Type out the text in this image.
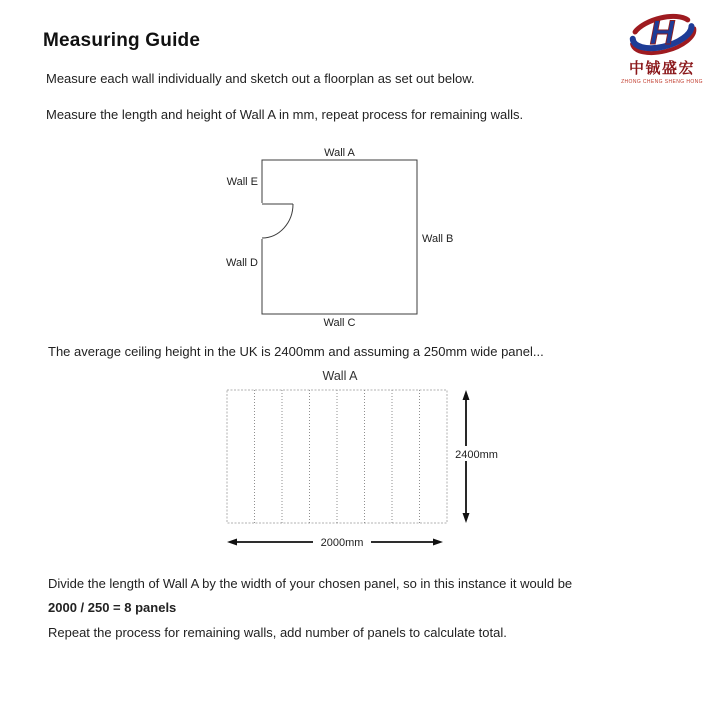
Measuring Guide	H
中铖盛宏
ZHONG CHENG SHENG HONG

Measure each wall individually and sketch out a floorplan as set out below.

Measure the length and height of Wall A in mm, repeat process for remaining walls.

Wall A
Wall E
Wall B
Wall D
Wall C

The average ceiling height in the UK is 2400mm and assuming a 250mm wide panel...

Wall A
2400mm
2000mm

Divide the length of Wall A by the width of your chosen panel, so in this instance it would be

2000 / 250 = 8 panels

Repeat the process for remaining walls, add number of panels to calculate total.
